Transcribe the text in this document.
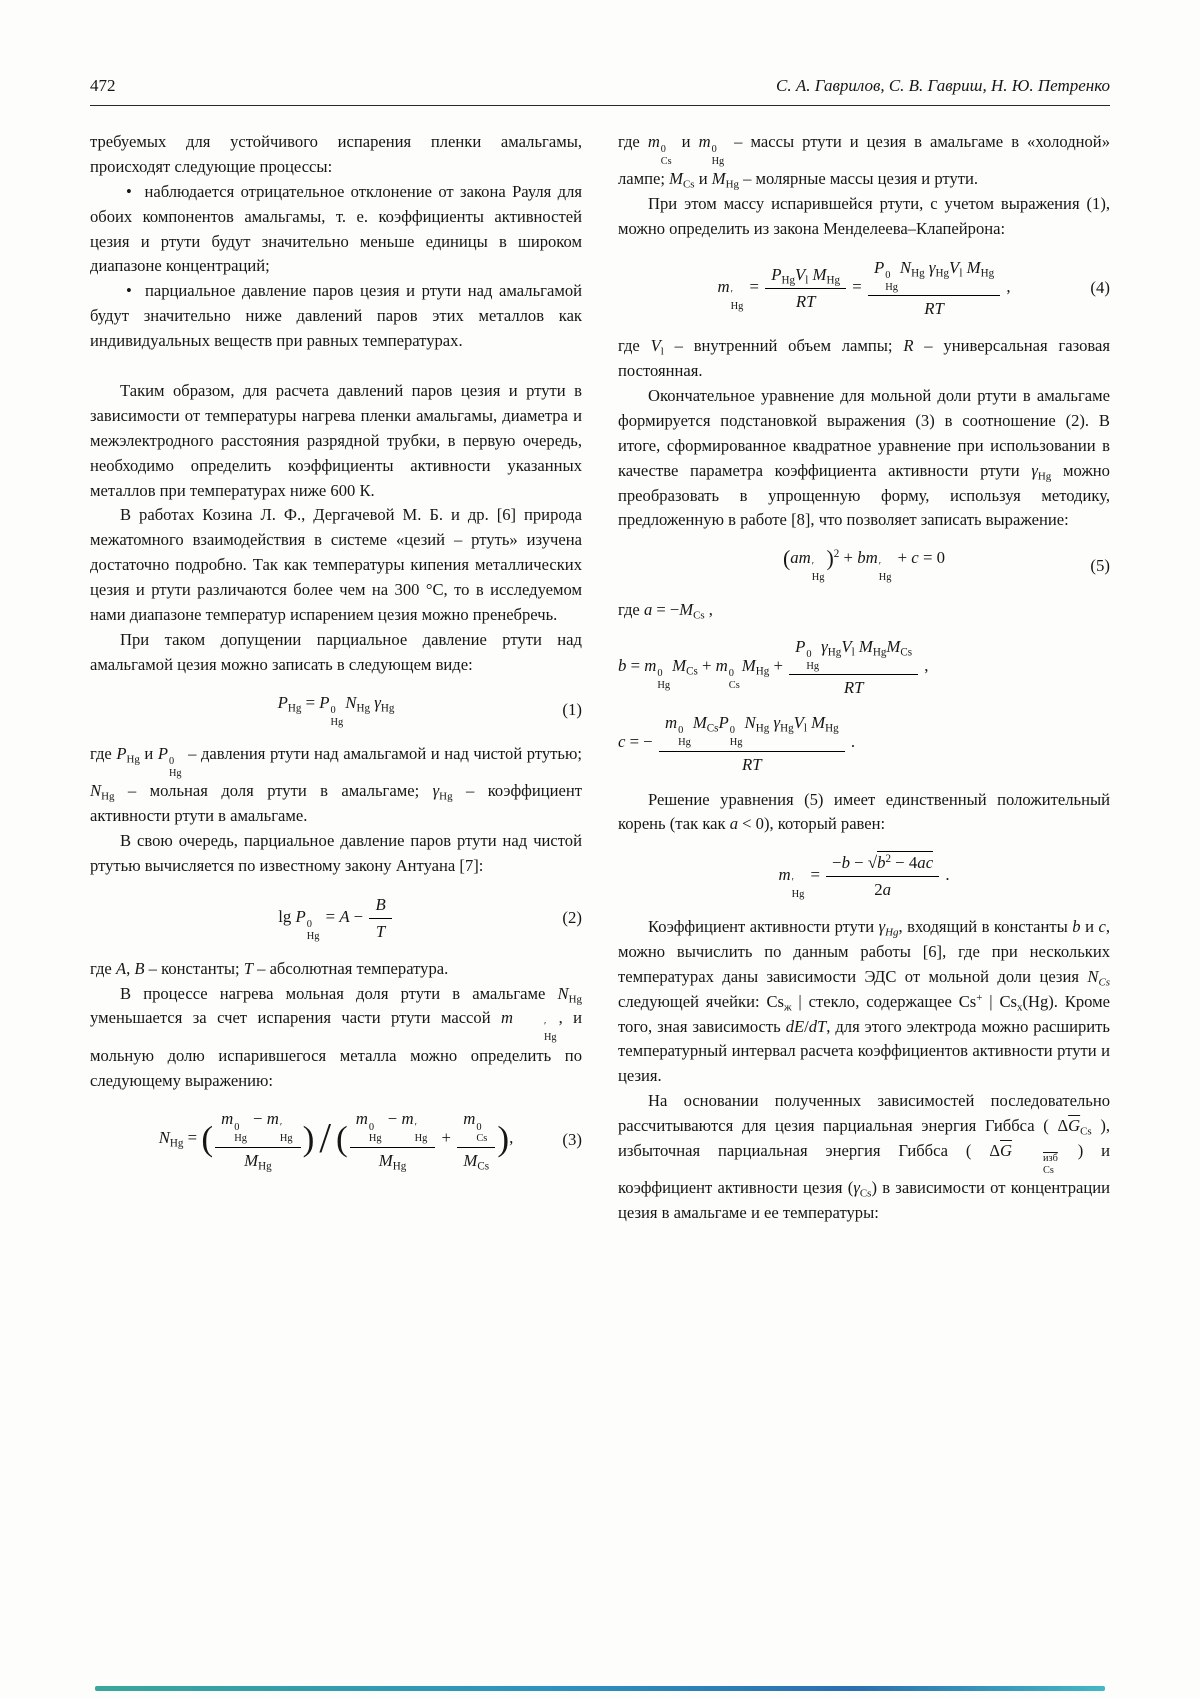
472	С. А. Гаврилов, С. В. Гавриш, Н. Ю. Петренко

требуемых для устойчивого испарения пленки амальгамы, происходят следующие процессы:

•  наблюдается отрицательное отклонение от закона Рауля для обоих компонентов амальгамы, т. е. коэффициенты активностей цезия и ртути будут значительно меньше единицы в широком диапазоне концентраций;

•  парциальное давление паров цезия и ртути над амальгамой будут значительно ниже давлений паров этих металлов как индивидуальных веществ при равных температурах.

Таким образом, для расчета давлений паров цезия и ртути в зависимости от температуры нагрева пленки амальгамы, диаметра и межэлектродного расстояния разрядной трубки, в первую очередь, необходимо определить коэффициенты активности указанных металлов при температурах ниже 600 К.

В работах Козина Л. Ф., Дергачевой М. Б. и др. [6] природа межатомного взаимодействия в системе «цезий – ртуть» изучена достаточно подробно. Так как температуры кипения металлических цезия и ртути различаются более чем на 300 °С, то в исследуемом нами диапазоне температур испарением цезия можно пренебречь.

При таком допущении парциальное давление ртути над амальгамой цезия можно записать в следующем виде:

$P_{Hg} = P$ 0
Hg
$N_{Hg}$ $\gamma_{Hg}$	(1)

где $P_{Hg}$ и P 0
Hg
– давления ртути над амальгамой и над чистой ртутью; $N_{Hg}$ – мольная доля ртути в амальгаме; $\gamma_{Hg}$ – коэффициент активности ртути в амальгаме.

В свою очередь, парциальное давление паров ртути над чистой ртутью вычисляется по известному закону Антуана [7]:

lg P 0
Hg
= $A - \frac{B}{T}$	(2)

где A, B – константы; T – абсолютная температура.

В процессе нагрева мольная доля ртути в амальгаме $N_{Hg}$ уменьшается за счет испарения части ртути массой m	′
Hg
, и мольную долю испарившегося металла можно определить по следующему выражению:

$N_{Hg}$ = ( m 0
Hg
− m ′
Hg
$M_{Hg}$ ) / ( m 0
Hg
− m ′
Hg
$M_{Hg} + m$ 0
Cs
$M_{Cs}$ ),	(3)

где m 0
Cs
и m 0
Hg
– массы ртути и цезия в амальгаме в «холодной» лампе; $M_{Cs}$ и $M_{Hg}$ – молярные массы цезия и ртути.

При этом массу испарившейся ртути, с учетом выражения (1), можно определить из закона Менделеева–Клапейрона:

m ′
Hg
= $\frac{P_{Hg}V_l M_{Hg}}{RT} = P$ 0
Hg
$N_{Hg}$ $\gamma_{Hg}V_l$ $M_{Hg}$
RT ,	(4)

где $V_l$ – внутренний объем лампы; R – универсальная газовая постоянная.

Окончательное уравнение для мольной доли ртути в амальгаме формируется подстановкой выражения (3) в соотношение (2). В итоге, сформированное квадратное уравнение при использовании в качестве параметра коэффициента активности ртути $\gamma_{Hg}$ можно преобразовать в упрощенную форму, используя методику, предложенную в работе [8], что позволяет записать выражение:

(am ′
Hg
)$^2$ + bm ′
Hg
+ c = 0	(5)

где $a = -M_{Cs}$ ,

b = m 0
Hg
$M_{Cs} + m$ 0
Cs
$M_{Hg} + P$ 0
Hg
$\gamma_{Hg}V_l$ $M_{Hg}M_{Cs}$
RT ,
c = − m 0
Hg
$M_{Cs}P$ 0
Hg
$N_{Hg}$ $\gamma_{Hg}V_l$ $M_{Hg}$
RT .

Решение уравнения (5) имеет единственный положительный корень (так как a < 0), который равен:

m ′
Hg
= $\frac{-b - √b^2 - 4ac}{2a}$ .

Коэффициент активности ртути $\gamma_{Hg}$, входящий в константы b и c, можно вычислить по данным работы [6], где при нескольких температурах даны зависимости ЭДС от мольной доли цезия $N_{Cs}$ следующей ячейки: $Cs_ж$ | стекло, содержащее Cs+ | $Cs_x(Hg)$. Кроме того, зная зависимость dE/dT, для этого электрода можно расширить температурный интервал расчета коэффициентов активности ртути и цезия.

На основании полученных зависимостей последовательно рассчитываются для цезия парциальная энергия Гиббса ( $\Delta\overline{G}_{Cs}$ ), избыточная парциальная энергия Гиббса ( $\Delta\overline{G}$	изб
Cs
) и коэффициент активности цезия $(\gamma_{Cs})$ в зависимости от концентрации цезия в амальгаме и ее температуры:
